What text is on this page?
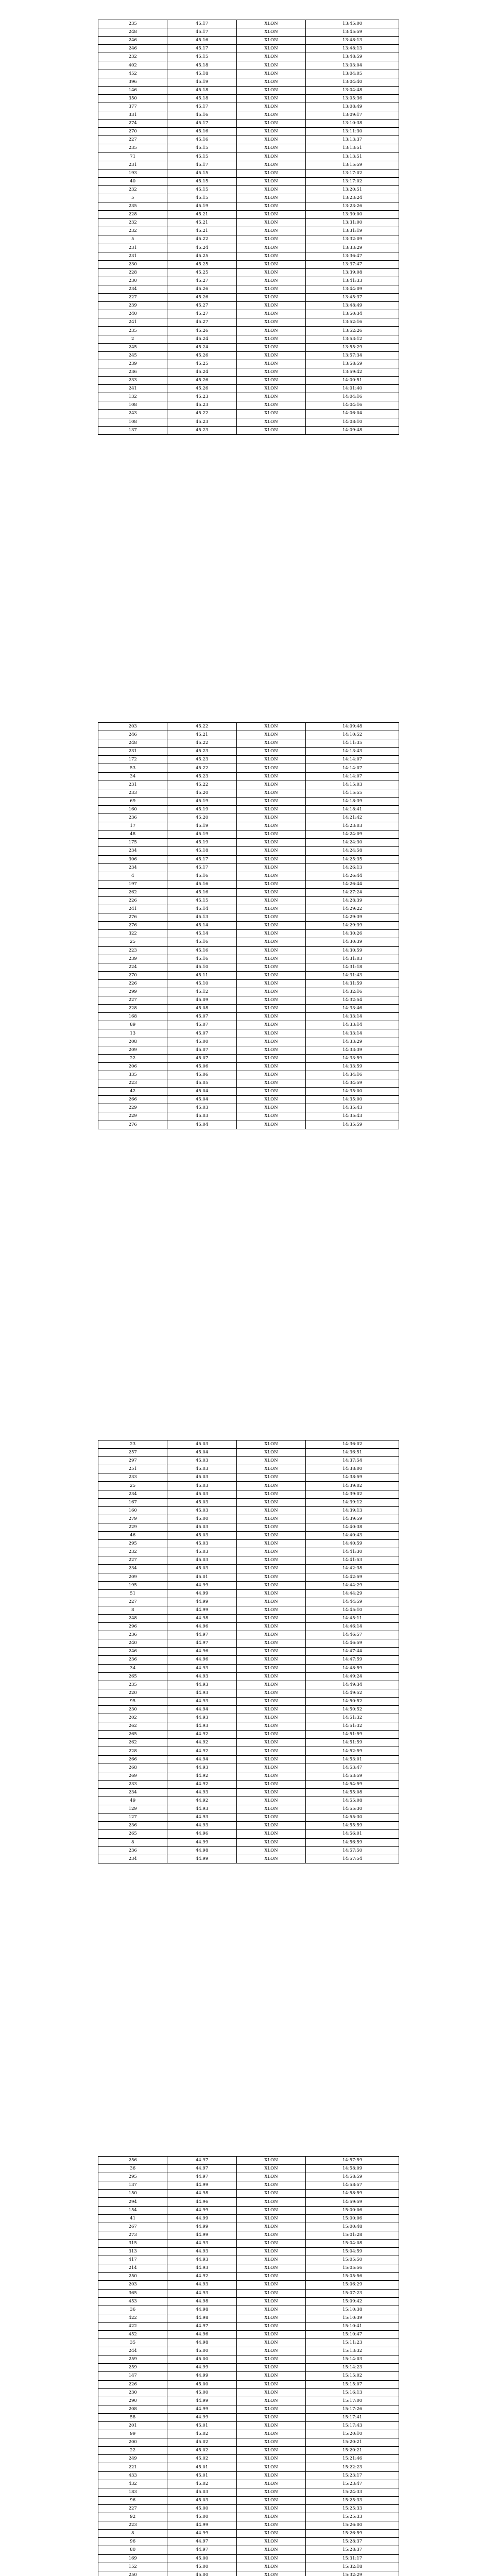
235	45.17	XLON	13:45:00
248	45.17	XLON	13:45:59
246	45.16	XLON	13:48:13
246	45.17	XLON	13:48:13
232	45.15	XLON	13:48:59
402	45.18	XLON	13:03:04
452	45.18	XLON	13:04:05
396	45.19	XLON	13:04:40
146	45.18	XLON	13:04:48
350	45.18	XLON	13:05:36
377	45.17	XLON	13:08:49
331	45.16	XLON	13:09:17
274	45.17	XLON	13:10:38
270	45.16	XLON	13:11:30
227	45.16	XLON	13:13:37
235	45.15	XLON	13:13:51
71	45.15	XLON	13:13:51
231	45.17	XLON	13:15:59
193	45.15	XLON	13:17:02
40	45.15	XLON	13:17:02
232	45.15	XLON	13:20:51
5	45.15	XLON	13:23:24
235	45.19	XLON	13:23:26
228	45.21	XLON	13:30:00
232	45.21	XLON	13:31:00
232	45.21	XLON	13:31:19
5	45.22	XLON	13:32:09
231	45.24	XLON	13:33:29
231	45.25	XLON	13:36:47
230	45.25	XLON	13:37:47
228	45.25	XLON	13:39:08
230	45.27	XLON	13:41:33
234	45.26	XLON	13:44:09
227	45.26	XLON	13:45:37
239	45.27	XLON	13:48:49
240	45.27	XLON	13:50:34
241	45.27	XLON	13:52:16
235	45.26	XLON	13:52:26
2	45.24	XLON	13:53:12
245	45.24	XLON	13:55:29
245	45.26	XLON	13:57:34
239	45.25	XLON	13:58:59
236	45.24	XLON	13:59:42
233	45.26	XLON	14:00:51
241	45.26	XLON	14:01:40
132	45.23	XLON	14:04:16
108	45.23	XLON	14:04:16
243	45.22	XLON	14:06:04
108	45.23	XLON	14:08:10
137	45.23	XLON	14:09:48
203	45.22	XLON	14:09:48
246	45.21	XLON	14:10:52
248	45.22	XLON	14:11:35
231	45.23	XLON	14:13:43
172	45.23	XLON	14:14:07
53	45.22	XLON	14:14:07
34	45.23	XLON	14:14:07
231	45.22	XLON	14:15:03
233	45.20	XLON	14:15:55
69	45.19	XLON	14:18:39
160	45.19	XLON	14:18:41
236	45.20	XLON	14:21:42
17	45.19	XLON	14:23:03
48	45.19	XLON	14:24:09
175	45.19	XLON	14:24:30
234	45.18	XLON	14:24:58
306	45.17	XLON	14:25:35
234	45.17	XLON	14:26:13
4	45.16	XLON	14:26:44
197	45.16	XLON	14:26:44
262	45.16	XLON	14:27:24
226	45.15	XLON	14:28:39
241	45.14	XLON	14:29:22
276	45.13	XLON	14:29:39
276	45.14	XLON	14:29:39
322	45.14	XLON	14:30:26
25	45.16	XLON	14:30:39
223	45.16	XLON	14:30:59
239	45.16	XLON	14:31:03
224	45.10	XLON	14:31:18
270	45.11	XLON	14:31:43
226	45.10	XLON	14:31:59
299	45.12	XLON	14:32:16
227	45.09	XLON	14:32:54
228	45.08	XLON	14:33:46
168	45.07	XLON	14:33:14
89	45.07	XLON	14:33:14
13	45.07	XLON	14:33:14
208	45.00	XLON	14:33:29
209	45.07	XLON	14:33:39
22	45.07	XLON	14:33:59
206	45.06	XLON	14:33:59
335	45.06	XLON	14:34:16
223	45.05	XLON	14:34:59
42	45.04	XLON	14:35:00
266	45.04	XLON	14:35:00
229	45.03	XLON	14:35:43
229	45.03	XLON	14:35:43
276	45.04	XLON	14:35:59
23	45.03	XLON	14:36:02
257	45.04	XLON	14:36:51
297	45.03	XLON	14:37:54
251	45.03	XLON	14:38:00
233	45.03	XLON	14:38:59
25	45.03	XLON	14:39:02
234	45.03	XLON	14:39:02
167	45.03	XLON	14:39:12
160	45.03	XLON	14:39:13
279	45.00	XLON	14:39:59
229	45.03	XLON	14:40:38
46	45.03	XLON	14:40:43
295	45.03	XLON	14:40:59
232	45.03	XLON	14:41:30
227	45.03	XLON	14:41:53
234	45.03	XLON	14:42:38
209	45.01	XLON	14:42:59
195	44.99	XLON	14:44:29
51	44.99	XLON	14:44:29
227	44.99	XLON	14:44:59
8	44.99	XLON	14:45:10
248	44.98	XLON	14:45:11
296	44.96	XLON	14:46:14
236	44.97	XLON	14:46:57
240	44.97	XLON	14:46:59
246	44.96	XLON	14:47:44
236	44.96	XLON	14:47:59
34	44.93	XLON	14:48:59
265	44.93	XLON	14:49:24
235	44.93	XLON	14:49:34
220	44.93	XLON	14:49:52
95	44.93	XLON	14:50:52
230	44.94	XLON	14:50:52
202	44.93	XLON	14:51:32
262	44.93	XLON	14:51:32
265	44.92	XLON	14:51:59
262	44.92	XLON	14:51:59
228	44.92	XLON	14:52:59
266	44.94	XLON	14:53:01
268	44.93	XLON	14:53:47
269	44.92	XLON	14:53:59
233	44.92	XLON	14:54:59
234	44.93	XLON	14:55:08
49	44.92	XLON	14:55:08
129	44.93	XLON	14:55:30
127	44.93	XLON	14:55:30
236	44.93	XLON	14:55:59
265	44.96	XLON	14:56:01
8	44.99	XLON	14:56:59
236	44.98	XLON	14:57:50
234	44.99	XLON	14:57:54
256	44.97	XLON	14:57:59
36	44.97	XLON	14:58:09
295	44.97	XLON	14:58:59
137	44.99	XLON	14:58:57
150	44.98	XLON	14:58:59
294	44.96	XLON	14:59:59
154	44.99	XLON	15:00:06
41	44.99	XLON	15:00:06
267	44.99	XLON	15:00:48
273	44.99	XLON	15:01:28
315	44.93	XLON	15:04:08
313	44.93	XLON	15:04:59
417	44.93	XLON	15:05:50
214	44.93	XLON	15:05:56
250	44.92	XLON	15:05:56
203	44.93	XLON	15:06:29
365	44.93	XLON	15:07:23
453	44.98	XLON	15:09:42
36	44.98	XLON	15:10:38
422	44.98	XLON	15:10:39
422	44.97	XLON	15:10:41
452	44.96	XLON	15:10:47
35	44.98	XLON	15:11:23
244	45.00	XLON	15:13:32
259	45.00	XLON	15:14:03
259	44.99	XLON	15:14:23
147	44.99	XLON	15:15:02
226	45.00	XLON	15:15:07
230	45.00	XLON	15:16:13
290	44.99	XLON	15:17:00
208	44.99	XLON	15:17:26
58	44.99	XLON	15:17:41
201	45.01	XLON	15:17:43
99	45.02	XLON	15:20:10
200	45.02	XLON	15:20:21
22	45.02	XLON	15:20:21
249	45.02	XLON	15:21:46
221	45.01	XLON	15:22:23
433	45.01	XLON	15:23:17
432	45.02	XLON	15:23:47
183	45.03	XLON	15:24:33
96	45.03	XLON	15:25:33
227	45.00	XLON	15:25:33
92	45.00	XLON	15:25:33
223	44.99	XLON	15:26:00
8	44.99	XLON	15:26:59
96	44.97	XLON	15:28:37
80	44.97	XLON	15:28:37
169	45.00	XLON	15:31:17
152	45.00	XLON	15:32:18
250	45.00	XLON	15:32:29
